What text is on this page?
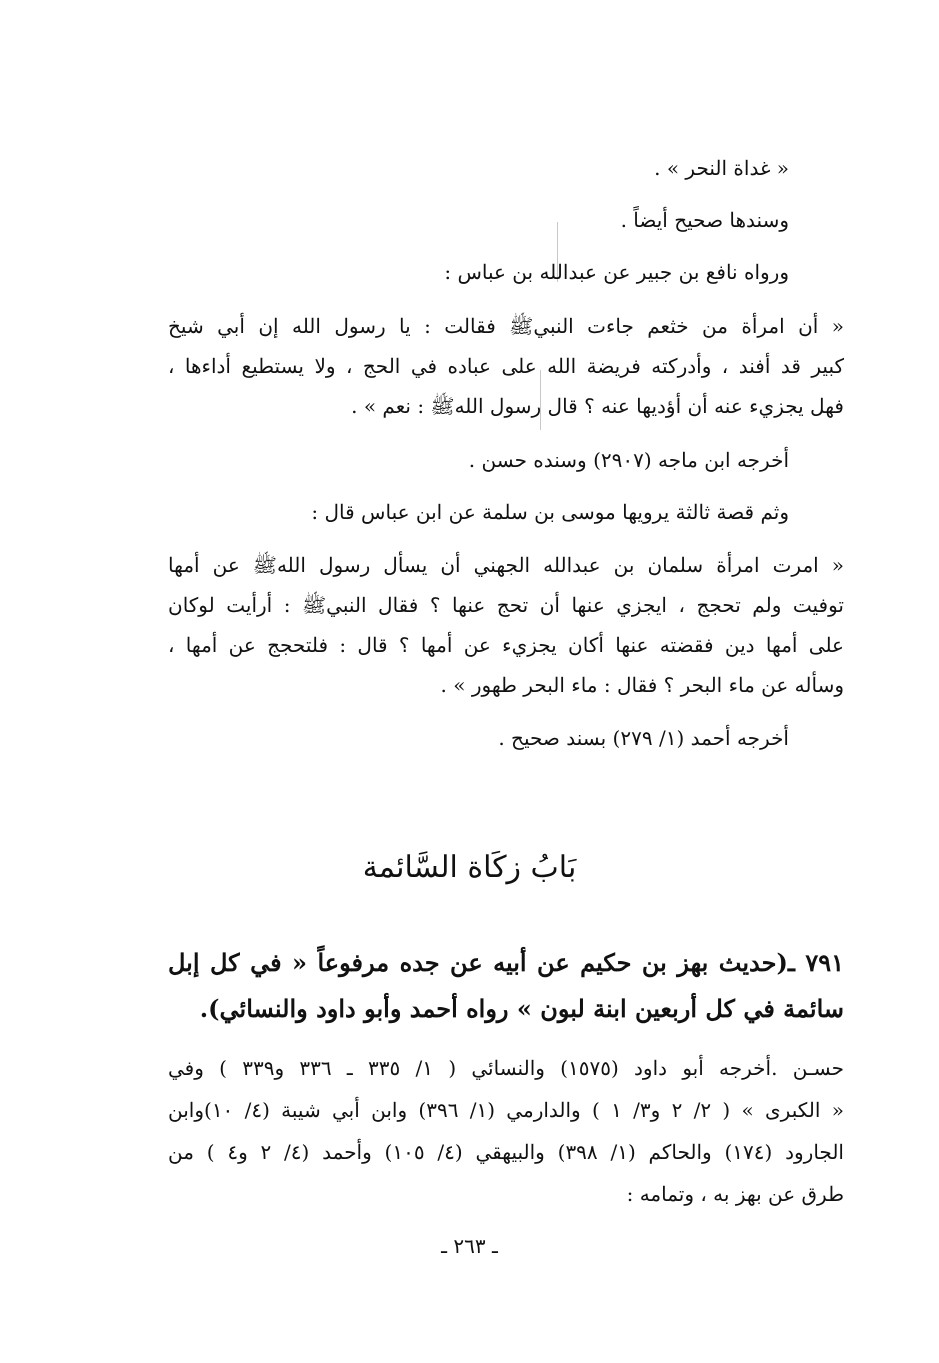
« غداة النحر » .
وسندها صحيح أيضاً .
ورواه نافع بن جبير عن عبدالله بن عباس :
« أن امرأة من خثعم جاءت النبيﷺ فقالت : يا رسول الله إن أبي شيخ
كبير قد أفند ، وأدركته فريضة الله على عباده في الحج ، ولا يستطيع أداءها ،
فهل يجزيء عنه أن أؤديها عنه ؟ قال رسول اللهﷺ : نعم » .
أخرجه ابن ماجه (٢٩٠٧) وسنده حسن .
وثم قصة ثالثة يرويها موسى بن سلمة عن ابن عباس قال :
« امرت امرأة سلمان بن عبدالله الجهني أن يسأل رسول اللهﷺ عن أمها
توفيت ولم تحجج ، ايجزي عنها أن تحج عنها ؟ فقال النبيﷺ : أرأيت لوكان
على أمها دين فقضته عنها أكان يجزيء عن أمها ؟ قال : فلتحجج عن أمها ،
وسأله عن ماء البحر ؟ فقال : ماء البحر طهور » .
أخرجه أحمد (١/ ٢٧٩) بسند صحيح .
بَابُ زكَاة السَّائمة
٧٩١ ـ(حديث بهز بن حكيم عن أبيه عن جده مرفوعاً « في كل إبل
سائمة في كل أربعين ابنة لبون » رواه أحمد وأبو داود والنسائي).
حسـن .أخرجه أبو داود (١٥٧٥) والنسائي ( ١/ ٣٣٥ ـ ٣٣٦ و٣٣٩ ) وفي
« الكبرى » ( ٢/ ٢ و٣/ ١ ) والدارمي (١/ ٣٩٦) وابن أبي شيبة (٤/ ١٠)وابن
الجارود (١٧٤) والحاكم (١/ ٣٩٨) والبيهقي (٤/ ١٠٥) وأحمد (٤/ ٢ و٤ ) من
طرق عن بهز به ، وتمامه :
ـ ٢٦٣ ـ
